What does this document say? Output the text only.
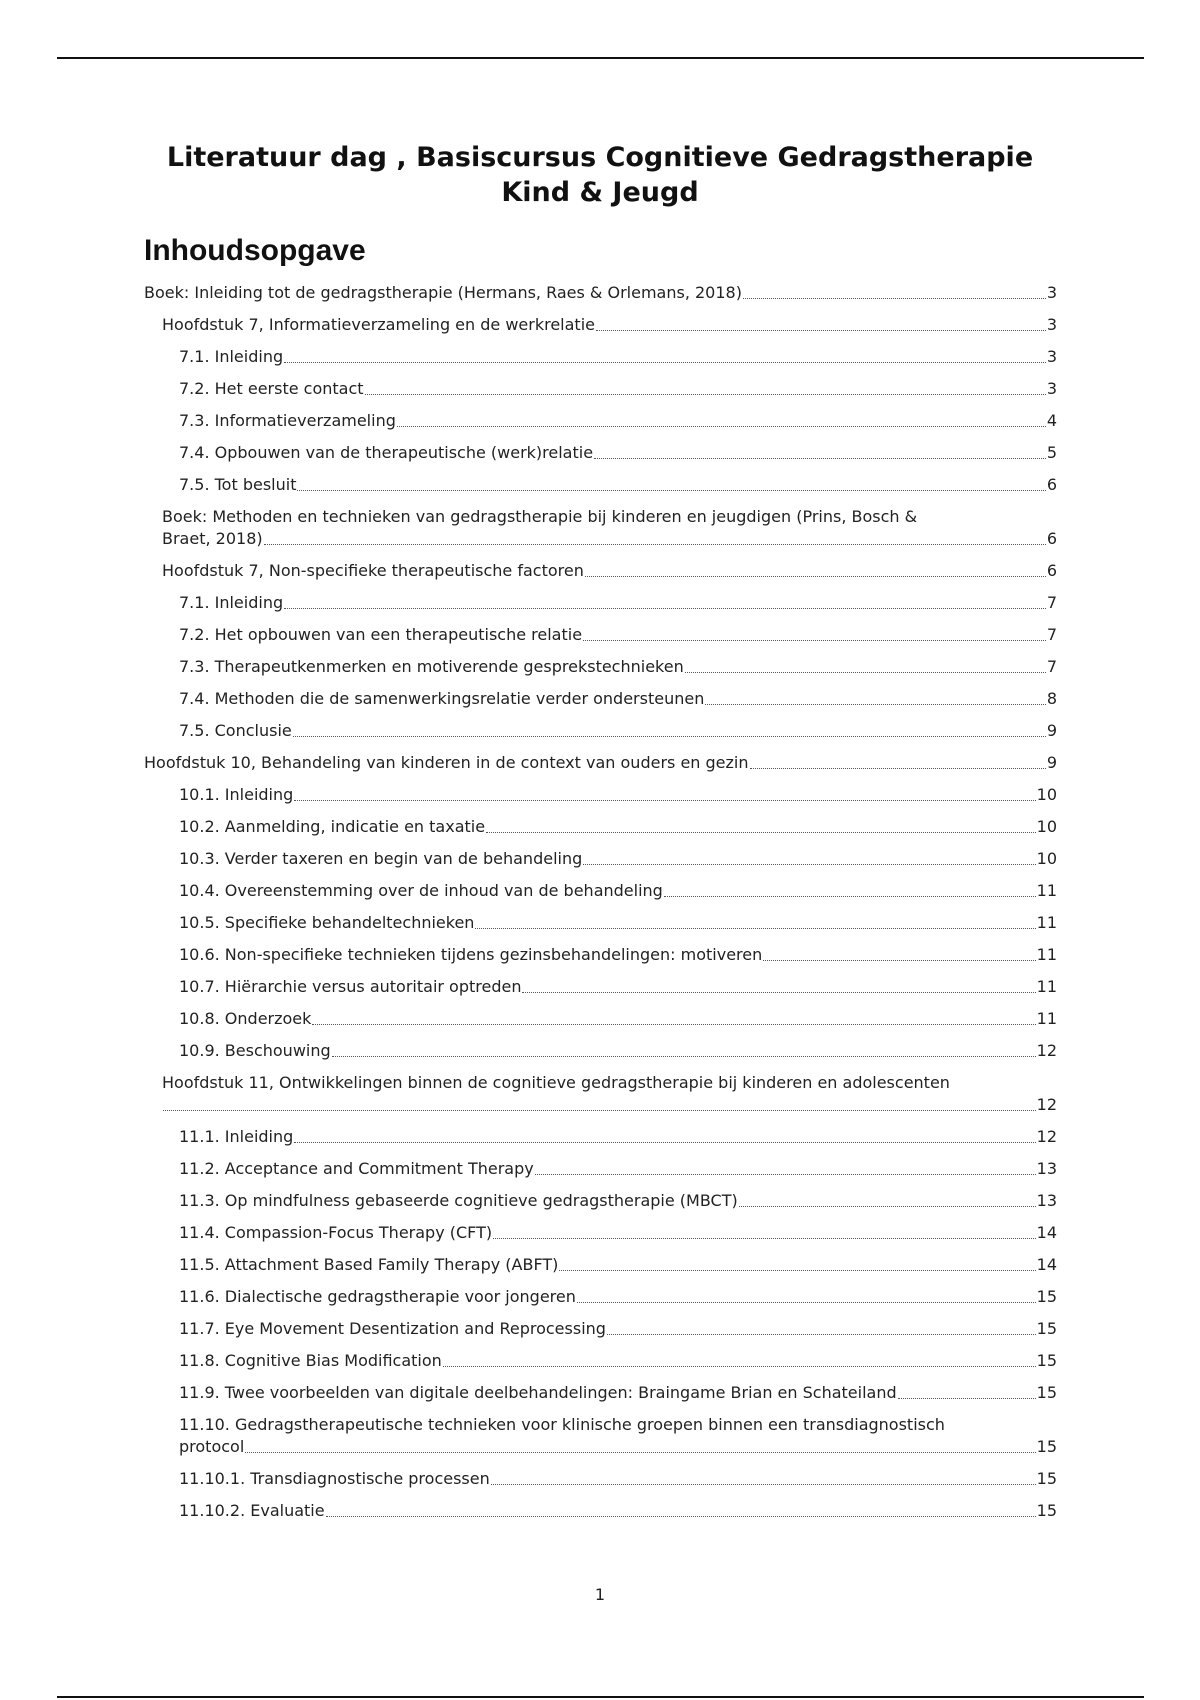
Literatuur dag , Basiscursus Cognitieve Gedragstherapie Kind & Jeugd
Inhoudsopgave
Boek: Inleiding tot de gedragstherapie (Hermans, Raes & Orlemans, 2018)	3
Hoofdstuk 7, Informatieverzameling en de werkrelatie	3
7.1. Inleiding	3
7.2. Het eerste contact	3
7.3. Informatieverzameling	4
7.4. Opbouwen van de therapeutische (werk)relatie	5
7.5. Tot besluit	6
Boek: Methoden en technieken van gedragstherapie bij kinderen en jeugdigen (Prins, Bosch &
Braet, 2018)	6
Hoofdstuk 7, Non-specifieke therapeutische factoren	6
7.1. Inleiding	7
7.2. Het opbouwen van een therapeutische relatie	7
7.3. Therapeutkenmerken en motiverende gesprekstechnieken	7
7.4. Methoden die de samenwerkingsrelatie verder ondersteunen	8
7.5. Conclusie	9
Hoofdstuk 10, Behandeling van kinderen in de context van ouders en gezin	9
10.1. Inleiding	10
10.2. Aanmelding, indicatie en taxatie	10
10.3. Verder taxeren en begin van de behandeling	10
10.4. Overeenstemming over de inhoud van de behandeling	11
10.5. Specifieke behandeltechnieken	11
10.6. Non-specifieke technieken tijdens gezinsbehandelingen: motiveren	11
10.7. Hiërarchie versus autoritair optreden	11
10.8. Onderzoek	11
10.9. Beschouwing	12
Hoofdstuk 11, Ontwikkelingen binnen de cognitieve gedragstherapie bij kinderen en adolescenten
12
11.1. Inleiding	12
11.2. Acceptance and Commitment Therapy	13
11.3. Op mindfulness gebaseerde cognitieve gedragstherapie (MBCT)	13
11.4. Compassion-Focus Therapy (CFT)	14
11.5. Attachment Based Family Therapy (ABFT)	14
11.6. Dialectische gedragstherapie voor jongeren	15
11.7. Eye Movement Desentization and Reprocessing	15
11.8. Cognitive Bias Modification	15
11.9. Twee voorbeelden van digitale deelbehandelingen: Braingame Brian en Schateiland	15
11.10. Gedragstherapeutische technieken voor klinische groepen binnen een transdiagnostisch
protocol	15
11.10.1. Transdiagnostische processen	15
11.10.2. Evaluatie	15
1
